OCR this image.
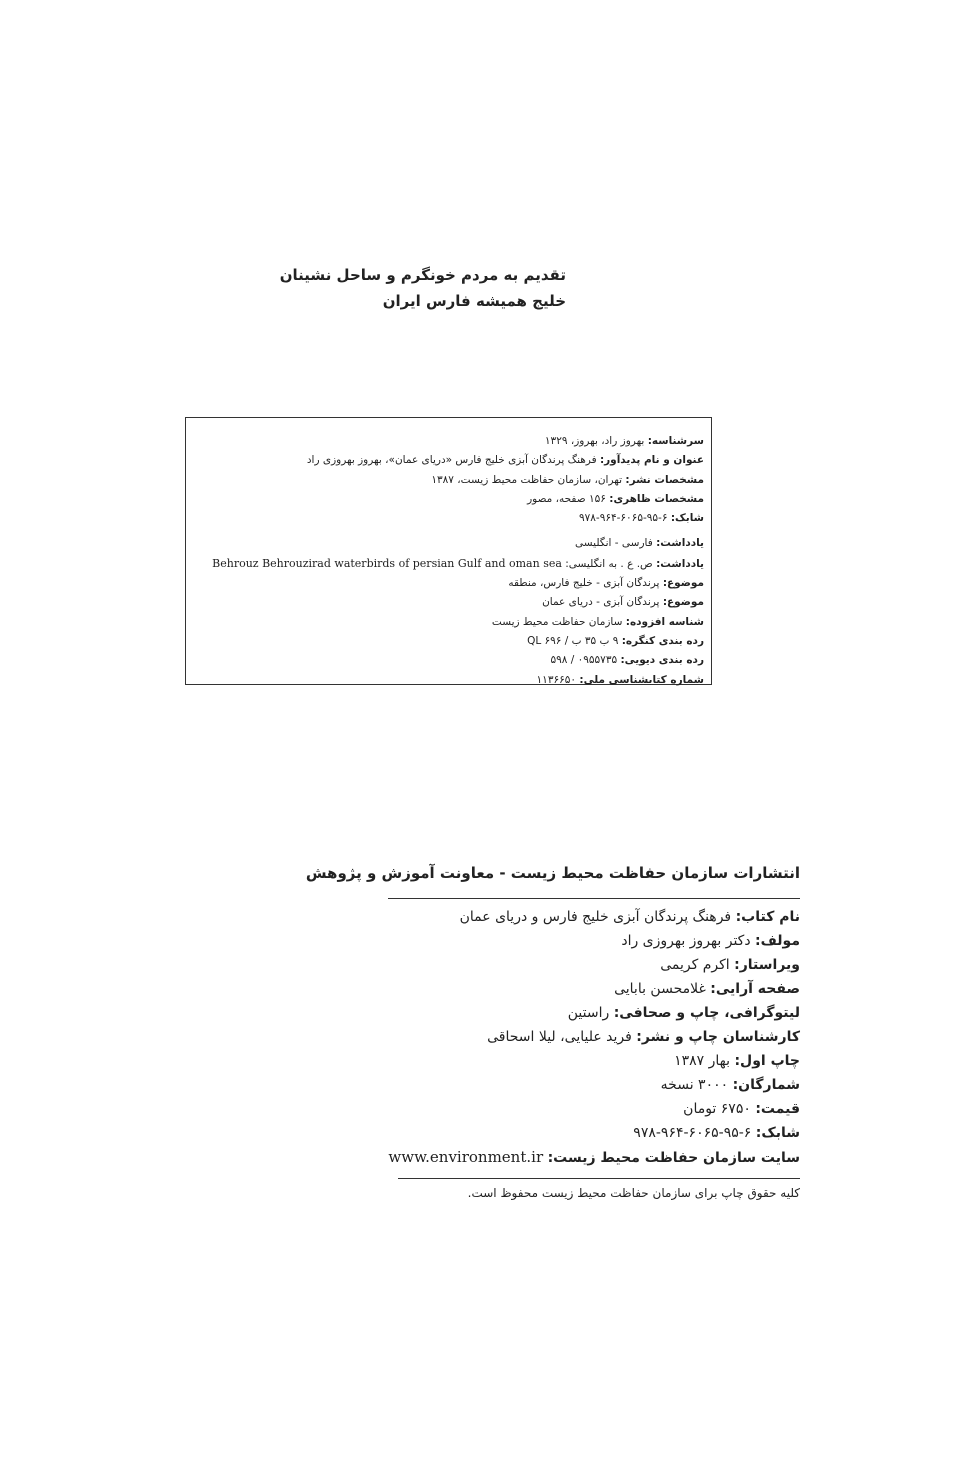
تقدیم به مردم خونگرم و ساحل نشینان
خلیج همیشه فارس ایران
سرشناسه: بهروز راد، بهروز، ۱۳۲۹
عنوان و نام پدیدآور: فرهنگ پرندگان آبزی خلیج فارس «دریای عمان»، بهروز بهروزی راد
مشخصات نشر: تهران، سازمان حفاظت محیط زیست، ۱۳۸۷
مشخصات ظاهری: ۱۵۶ صفحه، مصور
شابک: ۶-۹۵-۶۰۶۵-۹۶۴-۹۷۸
یادداشت: فارسی - انگلیسی
یادداشت: ص. ع . به انگلیسی: Behrouz Behrouzirad waterbirds of persian Gulf and oman sea
موضوع: پرندگان آبزی - خلیج فارس، منطقه
موضوع: پرندگان آبزی - دریای عمان
شناسه افزوده: سازمان حفاظت محیط زیست
رده بندی کنگره: ۹ ب ۳۵ ب / QL ۶۹۶
رده بندی دیویی: ۰۹۵۵۷۳۵ / ۵۹۸
شماره کتابشناسی ملی: ۱۱۳۶۶۵۰
انتشارات سازمان حفاظت محیط زیست - معاونت آموزش و پژوهش
نام کتاب: فرهنگ پرندگان آبزی خلیج فارس و دریای عمان
مولف: دکتر بهروز بهروزی راد
ویراستار: اکرم کریمی
صفحه آرایی: غلامحسن بابایی
لیتوگرافی، چاپ و صحافی: راستین
کارشناسان چاپ و نشر: فرید علیایی، لیلا اسحاقی
چاپ اول: بهار ۱۳۸۷
شمارگان: ۳۰۰۰ نسخه
قیمت: ۶۷۵۰ تومان
شابک: ۶-۹۵-۶۰۶۵-۹۶۴-۹۷۸
سایت سازمان حفاظت محیط زیست: www.environment.ir
کلیه حقوق چاپ برای سازمان حفاظت محیط زیست محفوظ است.
